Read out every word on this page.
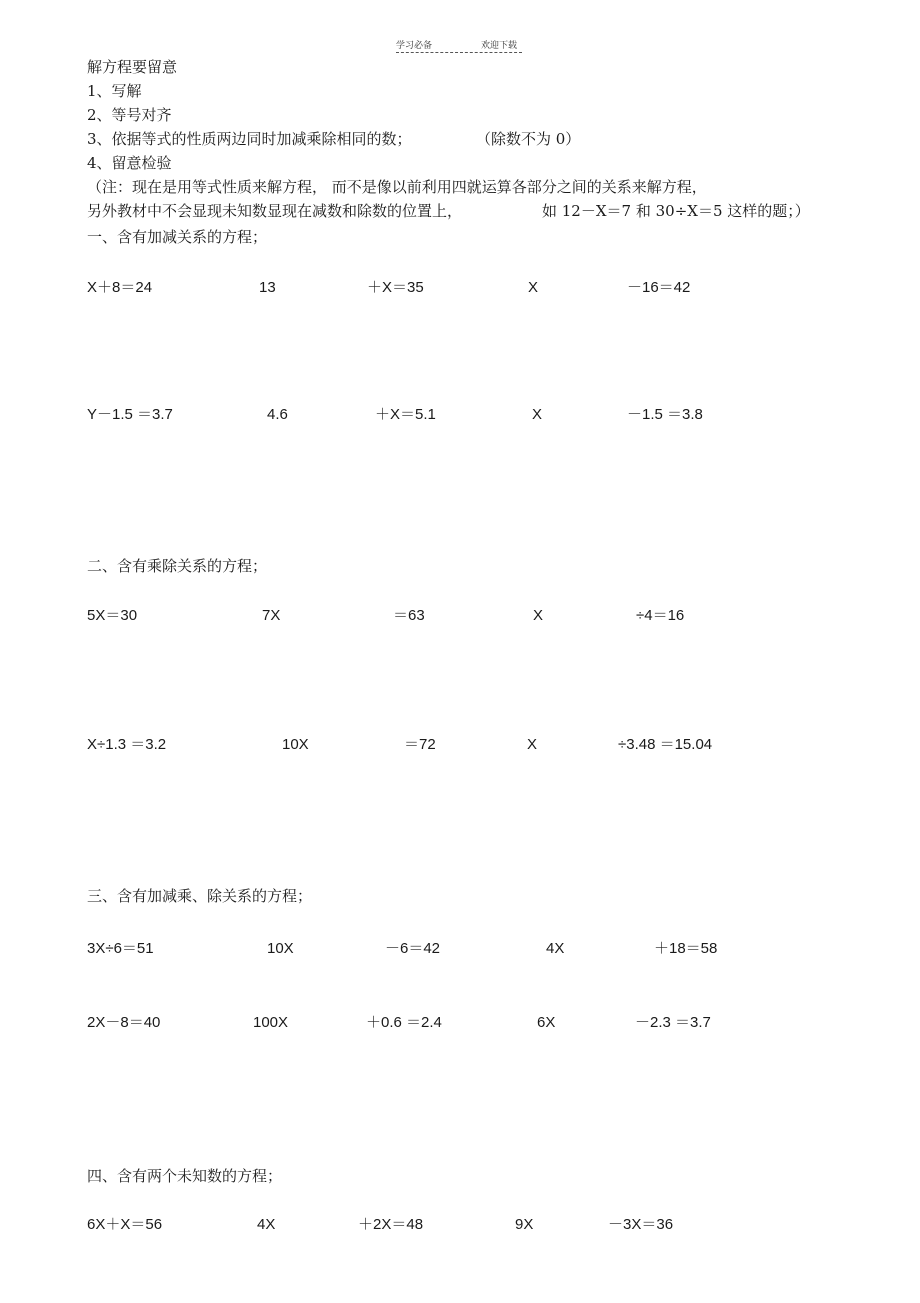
学习必备	欢迎下载
解方程要留意
1、写解
2、等号对齐
3、依据等式的性质两边同时加减乘除相同的数；	（除数不为 0）
4、留意检验
（注：现在是用等式性质来解方程， 而不是像以前利用四就运算各部分之间的关系来解方程，
另外教材中不会显现未知数显现在减数和除数的位置上，	如 12－X＝7 和 30÷X＝5 这样的题；）
一、含有加减关系的方程；
X＋8＝24	13	＋X＝35	X	－16＝42
Y－1.5 ＝3.7	4.6	＋X＝5.1	X	－1.5 ＝3.8
二、含有乘除关系的方程；
5X＝30	7X	＝63	X	÷4＝16
X÷1.3 ＝3.2	10X	＝72	X	÷3.48 ＝15.04
三、含有加减乘、除关系的方程；
3X÷6＝51	10X	－6＝42	4X	＋18＝58
2X－8＝40	100X	＋0.6 ＝2.4	6X	－2.3 ＝3.7
四、含有两个未知数的方程；
6X＋X＝56	4X	＋2X＝48	9X	－3X＝36
